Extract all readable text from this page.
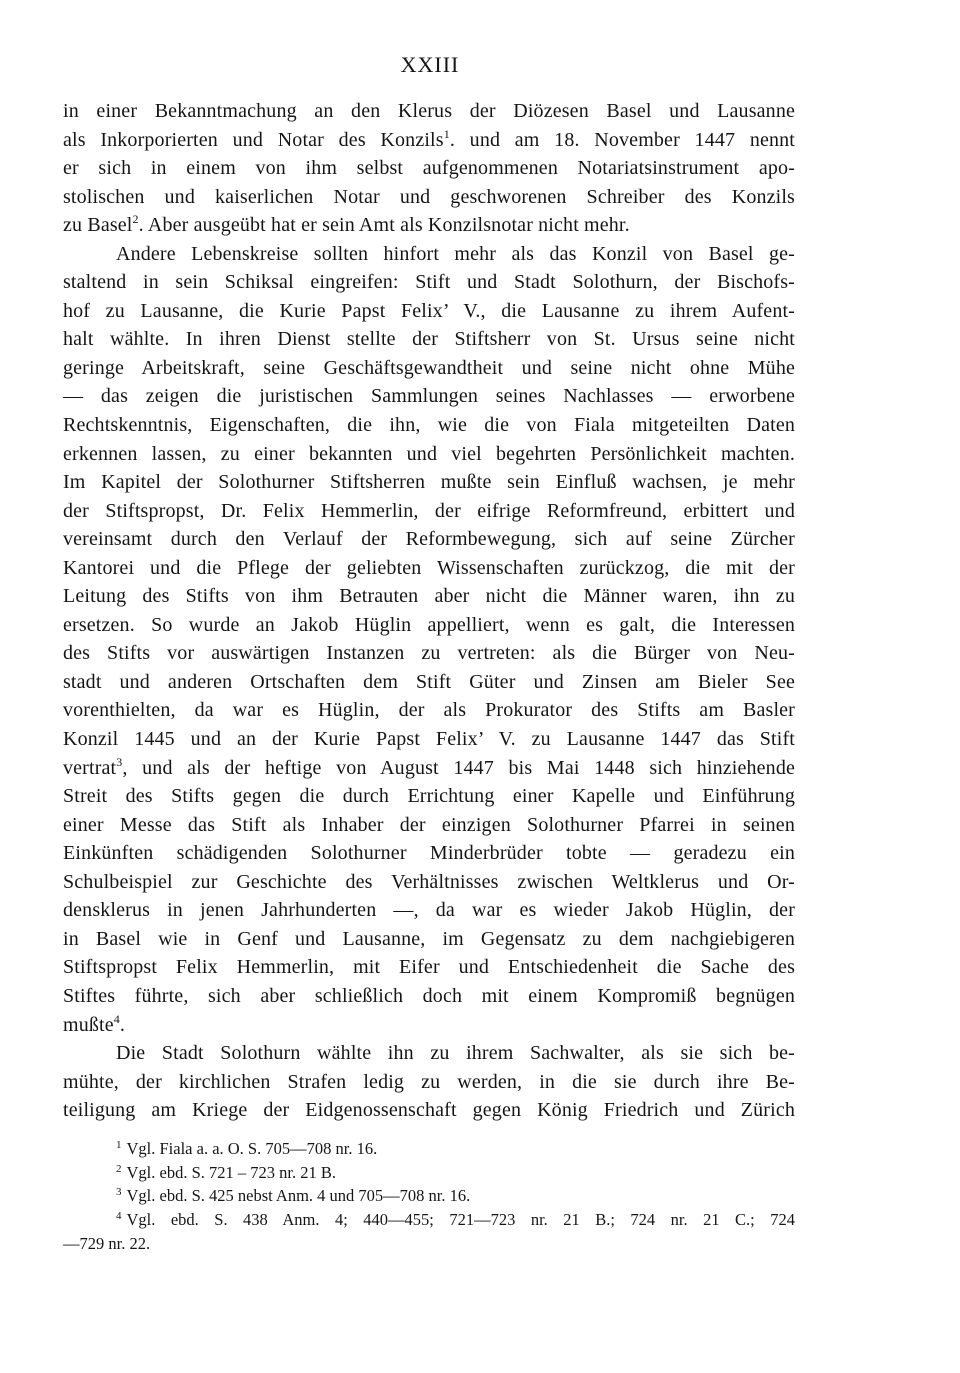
XXIII
in einer Bekanntmachung an den Klerus der Diözesen Basel und Lausanne
als Inkorporierten und Notar des Konzils$^1$. und am 18. November 1447 nennt
er sich in einem von ihm selbst aufgenommenen Notariatsinstrument apo-
stolischen und kaiserlichen Notar und geschworenen Schreiber des Konzils
zu Basel$^2$. Aber ausgeübt hat er sein Amt als Konzilsnotar nicht mehr.
Andere Lebenskreise sollten hinfort mehr als das Konzil von Basel ge-
staltend in sein Schiksal eingreifen: Stift und Stadt Solothurn, der Bischofs-
hof zu Lausanne, die Kurie Papst Felix’ V., die Lausanne zu ihrem Aufent-
halt wählte. In ihren Dienst stellte der Stiftsherr von St. Ursus seine nicht
geringe Arbeitskraft, seine Geschäftsgewandtheit und seine nicht ohne Mühe
— das zeigen die juristischen Sammlungen seines Nachlasses — erworbene
Rechtskenntnis, Eigenschaften, die ihn, wie die von Fiala mitgeteilten Daten
erkennen lassen, zu einer bekannten und viel begehrten Persönlichkeit machten.
Im Kapitel der Solothurner Stiftsherren mußte sein Einfluß wachsen, je mehr
der Stiftspropst, Dr. Felix Hemmerlin, der eifrige Reformfreund, erbittert und
vereinsamt durch den Verlauf der Reformbewegung, sich auf seine Zürcher
Kantorei und die Pflege der geliebten Wissenschaften zurückzog, die mit der
Leitung des Stifts von ihm Betrauten aber nicht die Männer waren, ihn zu
ersetzen. So wurde an Jakob Hüglin appelliert, wenn es galt, die Interessen
des Stifts vor auswärtigen Instanzen zu vertreten: als die Bürger von Neu-
stadt und anderen Ortschaften dem Stift Güter und Zinsen am Bieler See
vorenthielten, da war es Hüglin, der als Prokurator des Stifts am Basler
Konzil 1445 und an der Kurie Papst Felix’ V. zu Lausanne 1447 das Stift
vertrat$^3$, und als der heftige von August 1447 bis Mai 1448 sich hinziehende
Streit des Stifts gegen die durch Errichtung einer Kapelle und Einführung
einer Messe das Stift als Inhaber der einzigen Solothurner Pfarrei in seinen
Einkünften schädigenden Solothurner Minderbrüder tobte — geradezu ein
Schulbeispiel zur Geschichte des Verhältnisses zwischen Weltklerus und Or-
densklerus in jenen Jahrhunderten —, da war es wieder Jakob Hüglin, der
in Basel wie in Genf und Lausanne, im Gegensatz zu dem nachgiebigeren
Stiftspropst Felix Hemmerlin, mit Eifer und Entschiedenheit die Sache des
Stiftes führte, sich aber schließlich doch mit einem Kompromiß begnügen
mußte$^4$.
Die Stadt Solothurn wählte ihn zu ihrem Sachwalter, als sie sich be-
mühte, der kirchlichen Strafen ledig zu werden, in die sie durch ihre Be-
teiligung am Kriege der Eidgenossenschaft gegen König Friedrich und Zürich
$^1$ Vgl. Fiala a. a. O. S. 705—708 nr. 16.
$^2$ Vgl. ebd. S. 721 – 723 nr. 21 B.
$^3$ Vgl. ebd. S. 425 nebst Anm. 4 und 705—708 nr. 16.
$^4$ Vgl. ebd. S. 438 Anm. 4; 440—455; 721—723 nr. 21 B.; 724 nr. 21 C.; 724
—729 nr. 22.
